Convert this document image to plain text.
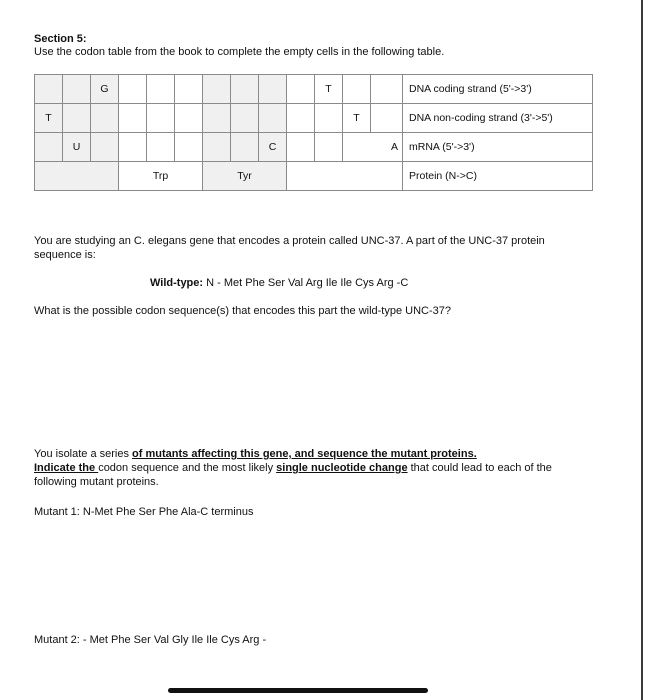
Section 5:
Use the codon table from the book to complete the empty cells in the following table.
		G								T			DNA coding strand (5'->3')
T											T		DNA non-coding strand (3'->5')
	U							C			A		mRNA (5'->3')
			Trp			Tyr							Protein (N->C)
You are studying an C. elegans gene that encodes a protein called UNC-37. A part of the UNC-37 protein sequence is:
Wild-type: N - Met Phe Ser Val Arg Ile Ile Cys Arg -C
What is the possible codon sequence(s) that encodes this part the wild-type UNC-37?
You isolate a series of mutants affecting this gene, and sequence the mutant proteins.
Indicate the codon sequence and the most likely single nucleotide change that could lead to each of the following mutant proteins.
Mutant 1: N-Met Phe Ser Phe Ala-C terminus
Mutant 2: - Met Phe Ser Val Gly Ile Ile Cys Arg -
